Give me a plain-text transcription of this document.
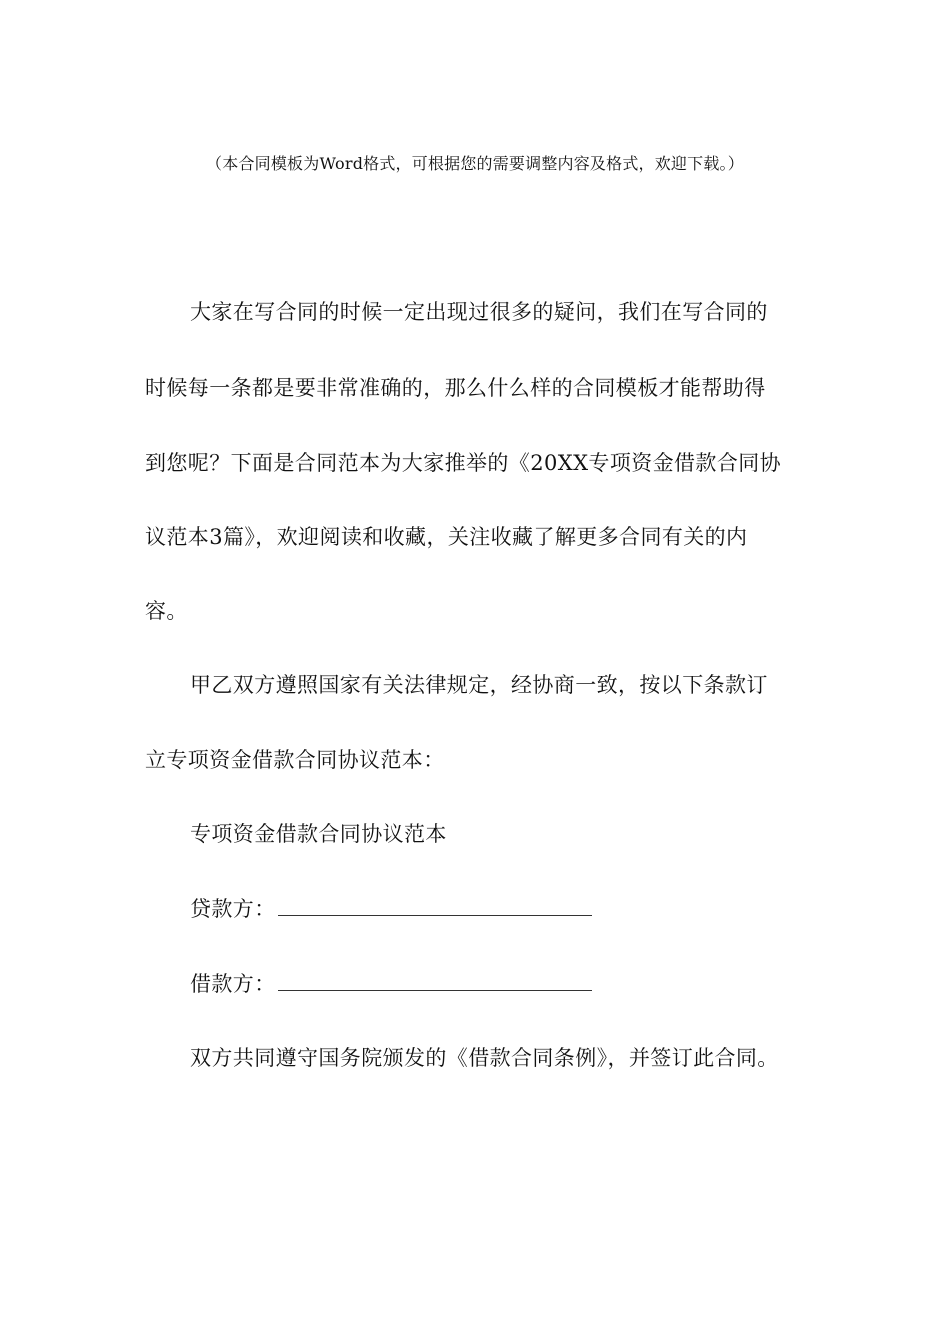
（本合同模板为Word格式，可根据您的需要调整内容及格式，欢迎下载。）
大家在写合同的时候一定出现过很多的疑问，我们在写合同的
时候每一条都是要非常准确的，那么什么样的合同模板才能帮助得
到您呢？下面是合同范本为大家推举的《20XX专项资金借款合同协
议范本3篇》，欢迎阅读和收藏，关注收藏了解更多合同有关的内
容。
甲乙双方遵照国家有关法律规定，经协商一致，按以下条款订
立专项资金借款合同协议范本：
专项资金借款合同协议范本
贷款方：
借款方：
双方共同遵守国务院颁发的《借款合同条例》，并签订此合同。
